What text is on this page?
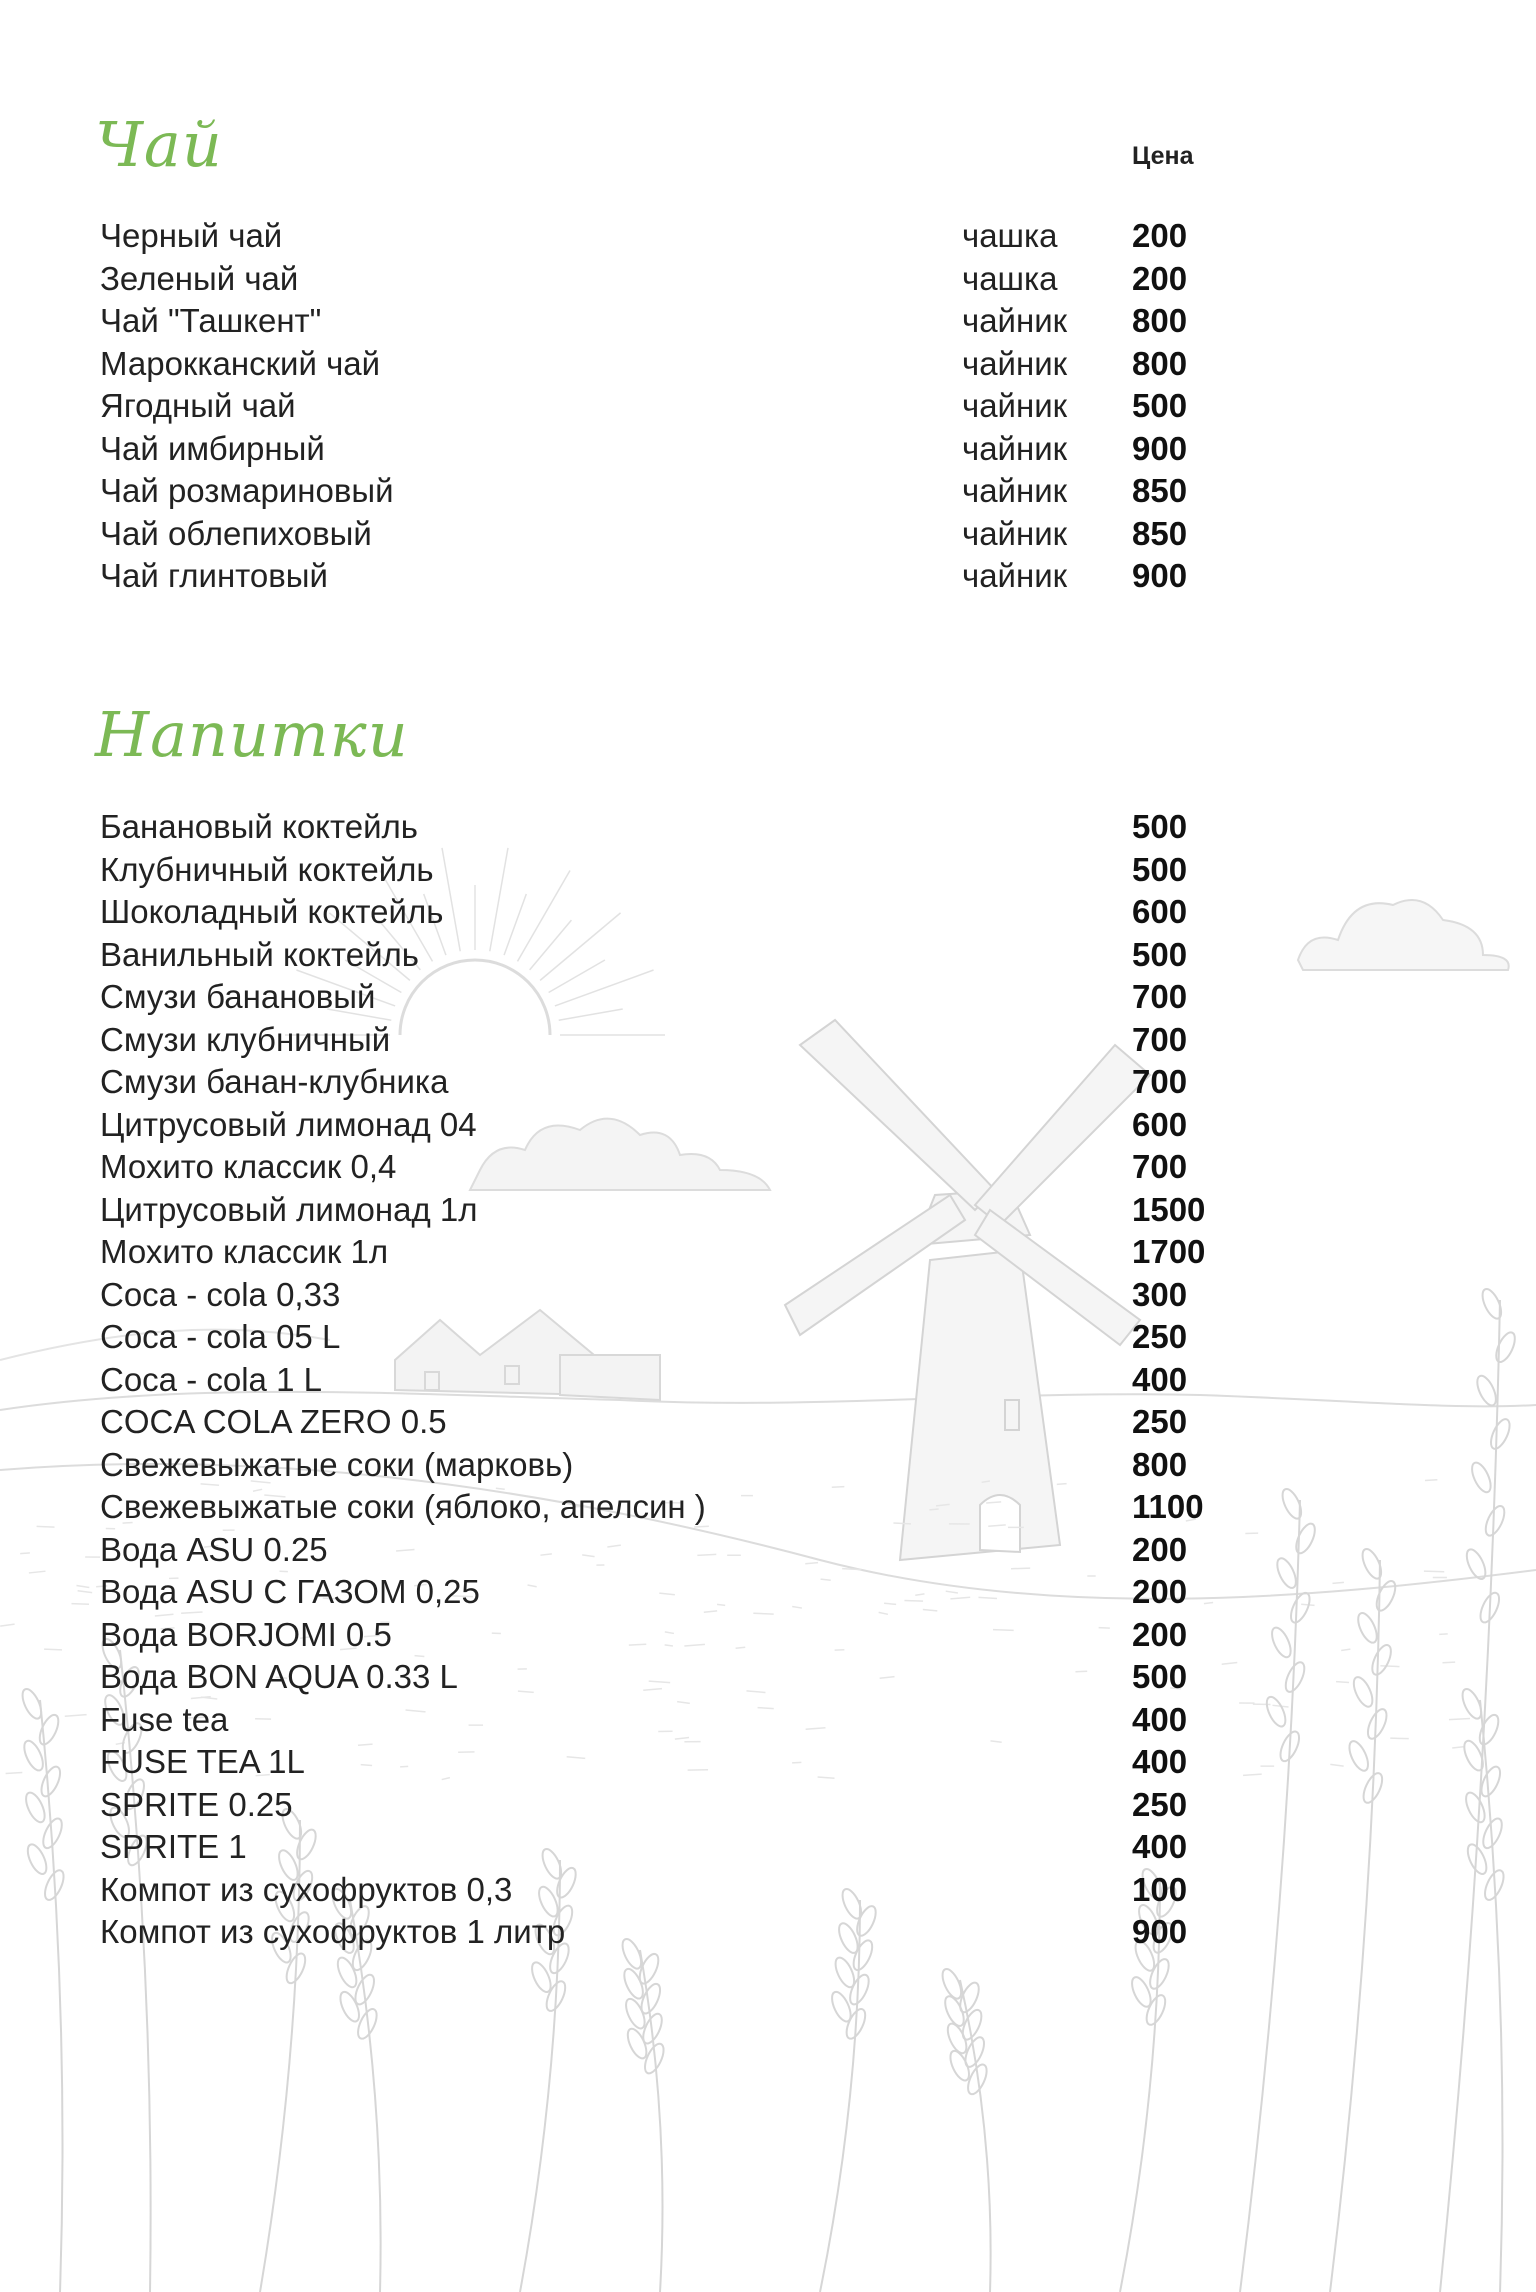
Чай	Цена
Черный чай	чашка 200
Зеленый чай	чашка 200
Чай "Ташкент"	чайник 800
Марокканский чай	чайник 800
Ягодный чай	чайник 500
Чай имбирный	чайник 900
Чай розмариновый	чайник 850
Чай облепиховый	чайник 850
Чай глинтовый	чайник 900
Напитки
Банановый коктейль	500
Клубничный коктейль	500
Шоколадный коктейль	600
Ванильный коктейль	500
Смузи банановый	700
Смузи клубничный	700
Смузи банан-клубника	700
Цитрусовый лимонад 04	600
Мохито классик 0,4	700
Цитрусовый лимонад 1л	1500
Мохито классик 1л	1700
Coca - cola 0,33	300
Coca - cola 05 L	250
Coca - cola 1 L	400
COCA COLA ZERO 0.5	250
Свежевыжатые соки (марковь)	800
Свежевыжатые соки (яблоко, апелсин )	1100
Вода ASU 0.25	200
Вода ASU С ГАЗОМ 0,25	200
Вода BORJOMI 0.5	200
Вода BON AQUA 0.33 L	500
Fuse tea	400
FUSE TEA 1L	400
SPRITE 0.25	250
SPRITE 1	400
Компот из сухофруктов 0,3	100
Компот из сухофруктов 1 литр	900
